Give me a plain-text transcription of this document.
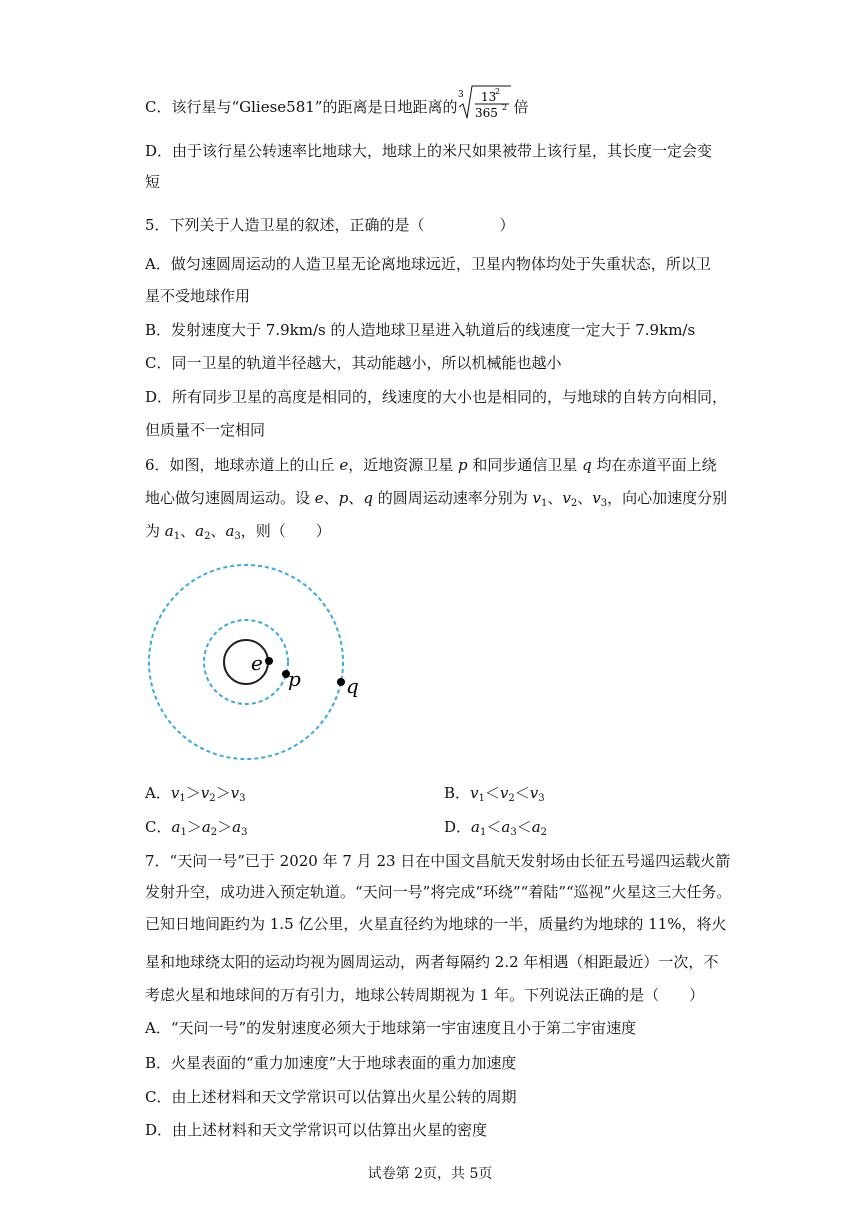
C．该行星与“Gliese581”的距离是日地距离的
3 13
2
365 2 倍
D．由于该行星公转速率比地球大，地球上的米尺如果被带上该行星，其长度一定会变
短
5．下列关于人造卫星的叙述，正确的是（　　　　　）
A．做匀速圆周运动的人造卫星无论离地球远近，卫星内物体均处于失重状态，所以卫
星不受地球作用
B．发射速度大于 7.9km/s 的人造地球卫星进入轨道后的线速度一定大于 7.9km/s
C．同一卫星的轨道半径越大，其动能越小，所以机械能也越小
D．所有同步卫星的高度是相同的，线速度的大小也是相同的，与地球的自转方向相同，
但质量不一定相同
6．如图，地球赤道上的山丘 e，近地资源卫星 p 和同步通信卫星 q 均在赤道平面上绕
地心做匀速圆周运动。设 e、p、q 的圆周运动速率分别为 $v_1$、$v_2$、$v_3$，向心加速度分别
为 $a_1$、$a_2$、$a_3$，则（　　）
e
p q
A．$v_1>v_2>v_3$	B．$v_1<v_2<v_3$
C．$a_1>a_2>a_3$	D．$a_1<a_3<a_2$
7．“天问一号”已于 2020 年 7 月 23 日在中国文昌航天发射场由长征五号遥四运载火箭
发射升空，成功进入预定轨道。“天问一号”将完成“环绕”“着陆”“巡视”火星这三大任务。
已知日地间距约为 1.5 亿公里，火星直径约为地球的一半，质量约为地球的 11%，将火
星和地球绕太阳的运动均视为圆周运动，两者每隔约 2.2 年相遇（相距最近）一次，不
考虑火星和地球间的万有引力，地球公转周期视为 1 年。下列说法正确的是（　　）
A．“天问一号”的发射速度必须大于地球第一宇宙速度且小于第二宇宙速度
B．火星表面的“重力加速度”大于地球表面的重力加速度
C．由上述材料和天文学常识可以估算出火星公转的周期
D．由上述材料和天文学常识可以估算出火星的密度
试卷第 2页，共 5页
